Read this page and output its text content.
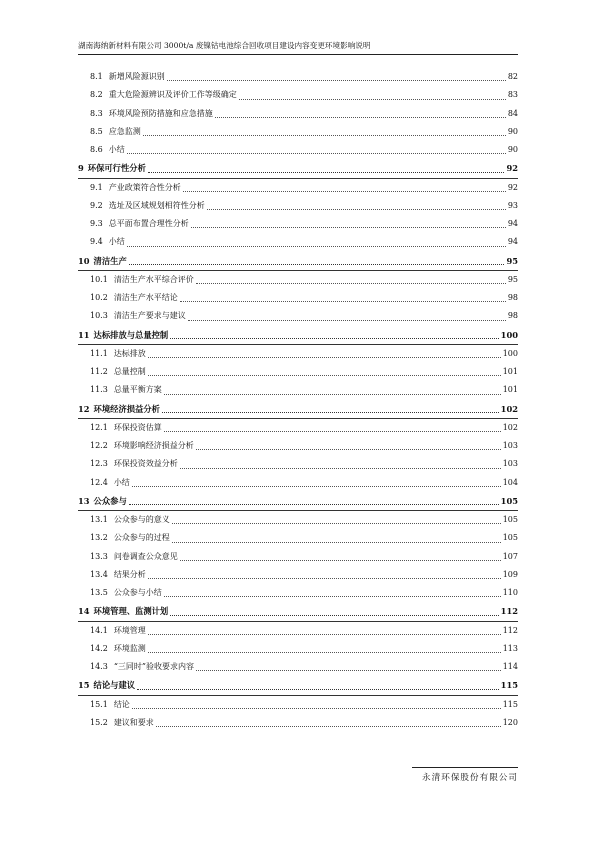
湖南海纳新材料有限公司 3000t/a 废镍钴电池综合回收项目建设内容变更环境影响说明
8.1 新增风险源识别	82
8.2 重大危险源辨识及评价工作等级确定	83
8.3 环境风险预防措施和应急措施	84
8.5 应急监测	90
8.6 小结	90
9 环保可行性分析	92
9.1 产业政策符合性分析	92
9.2 选址及区域规划相符性分析	93
9.3 总平面布置合理性分析	94
9.4 小结	94
10 清洁生产	95
10.1 清洁生产水平综合评价	95
10.2 清洁生产水平结论	98
10.3 清洁生产要求与建议	98
11 达标排放与总量控制	100
11.1 达标排放	100
11.2 总量控制	101
11.3 总量平衡方案	101
12 环境经济损益分析	102
12.1 环保投资估算	102
12.2 环境影响经济损益分析	103
12.3 环保投资效益分析	103
12.4 小结	104
13 公众参与	105
13.1 公众参与的意义	105
13.2 公众参与的过程	105
13.3 问卷调查公众意见	107
13.4 结果分析	109
13.5 公众参与小结	110
14 环境管理、监测计划	112
14.1 环境管理	112
14.2 环境监测	113
14.3 “三同时”验收要求内容	114
15 结论与建议	115
15.1 结论	115
15.2 建议和要求	120
永清环保股份有限公司
